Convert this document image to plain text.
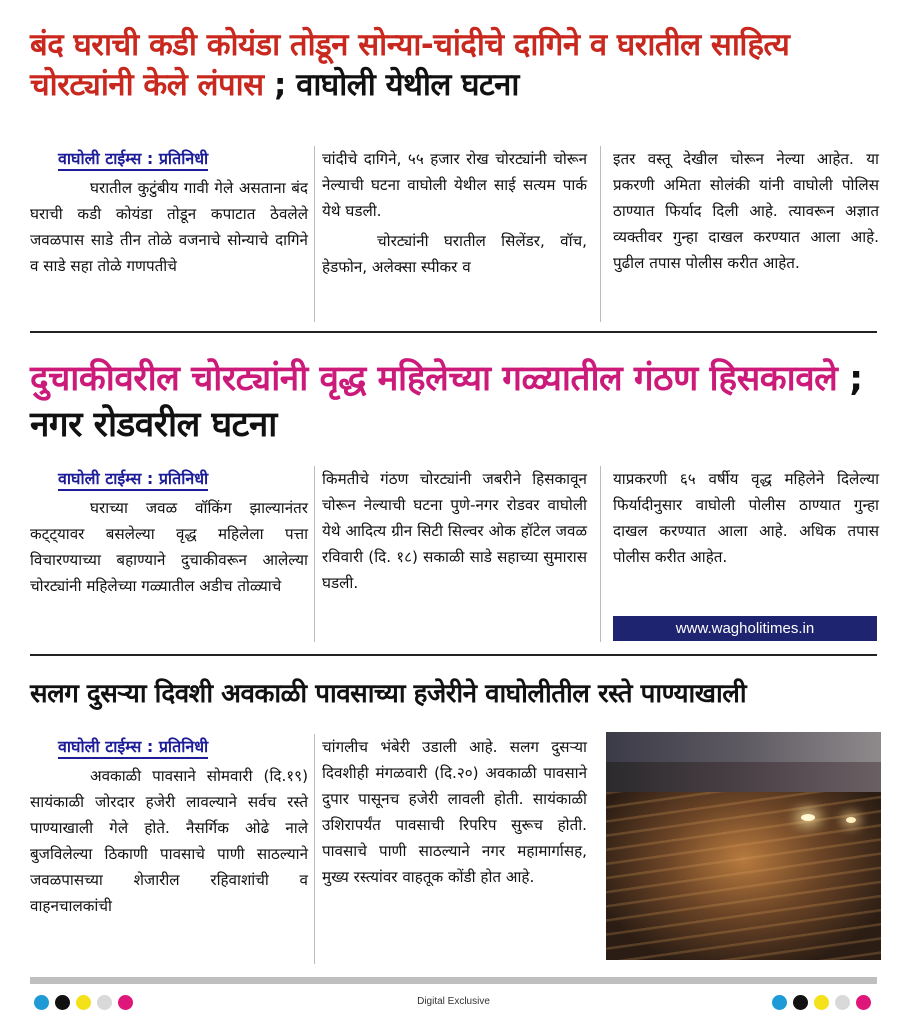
बंद घराची कडी कोयंडा तोडून सोन्या-चांदीचे दागिने व घरातील साहित्य चोरट्यांनी केले लंपास ; वाघोली येथील घटना
वाघोली टाईम्स : प्रतिनिधी

घरातील कुटुंबीय गावी गेले असताना बंद घराची कडी कोयंडा तोडून कपाटात ठेवलेले जवळपास साडे तीन तोळे वजनाचे सोन्याचे दागिने व साडे सहा तोळे गणपतीचे

चांदीचे दागिने, ५५ हजार रोख चोरट्यांनी चोरून नेल्याची घटना वाघोली येथील साई सत्यम पार्क येथे घडली.

चोरट्यांनी घरातील सिलेंडर, वॉच, हेडफोन, अलेक्सा स्पीकर व

इतर वस्तू देखील चोरून नेल्या आहेत. या प्रकरणी अमिता सोलंकी यांनी वाघोली पोलिस ठाण्यात फिर्याद दिली आहे. त्यावरून अज्ञात व्यक्तीवर गुन्हा दाखल करण्यात आला आहे. पुढील तपास पोलीस करीत आहेत.

दुचाकीवरील चोरट्यांनी वृद्ध महिलेच्या गळ्यातील गंठण हिसकावले ; नगर रोडवरील घटना
वाघोली टाईम्स : प्रतिनिधी

घराच्या जवळ वॉकिंग झाल्यानंतर कट्ट्यावर बसलेल्या वृद्ध महिलेला पत्ता विचारण्याच्या बहाण्याने दुचाकीवरून आलेल्या चोरट्यांनी महिलेच्या गळ्यातील अडीच तोळ्याचे

किमतीचे गंठण चोरट्यांनी जबरीने हिसकावून चोरून नेल्याची घटना पुणे-नगर रोडवर वाघोली येथे आदित्य ग्रीन सिटी सिल्वर ओक हॉटेल जवळ रविवारी (दि. १८) सकाळी साडे सहाच्या सुमारास घडली.

याप्रकरणी ६५ वर्षीय वृद्ध महिलेने दिलेल्या फिर्यादीनुसार वाघोली पोलीस ठाण्यात गुन्हा दाखल करण्यात आला आहे. अधिक तपास पोलीस करीत आहेत.

www.wagholitimes.in
सलग दुसऱ्या दिवशी अवकाळी पावसाच्या हजेरीने वाघोलीतील रस्ते पाण्याखाली
वाघोली टाईम्स : प्रतिनिधी

अवकाळी पावसाने सोमवारी (दि.१९) सायंकाळी जोरदार हजेरी लावल्याने सर्वच रस्ते पाण्याखाली गेले होते. नैसर्गिक ओढे नाले बुजविलेल्या ठिकाणी पावसाचे पाणी साठल्याने जवळपासच्या शेजारील रहिवाशांची व वाहनचालकांची

चांगलीच भंबेरी उडाली आहे. सलग दुसऱ्या दिवशीही मंगळवारी (दि.२०) अवकाळी पावसाने दुपार पासूनच हजेरी लावली होती. सायंकाळी उशिरापर्यंत पावसाची रिपरिप सुरूच होती. पावसाचे पाणी साठल्याने नगर महामार्गासह, मुख्य रस्त्यांवर वाहतूक कोंडी होत आहे.

Digital Exclusive
